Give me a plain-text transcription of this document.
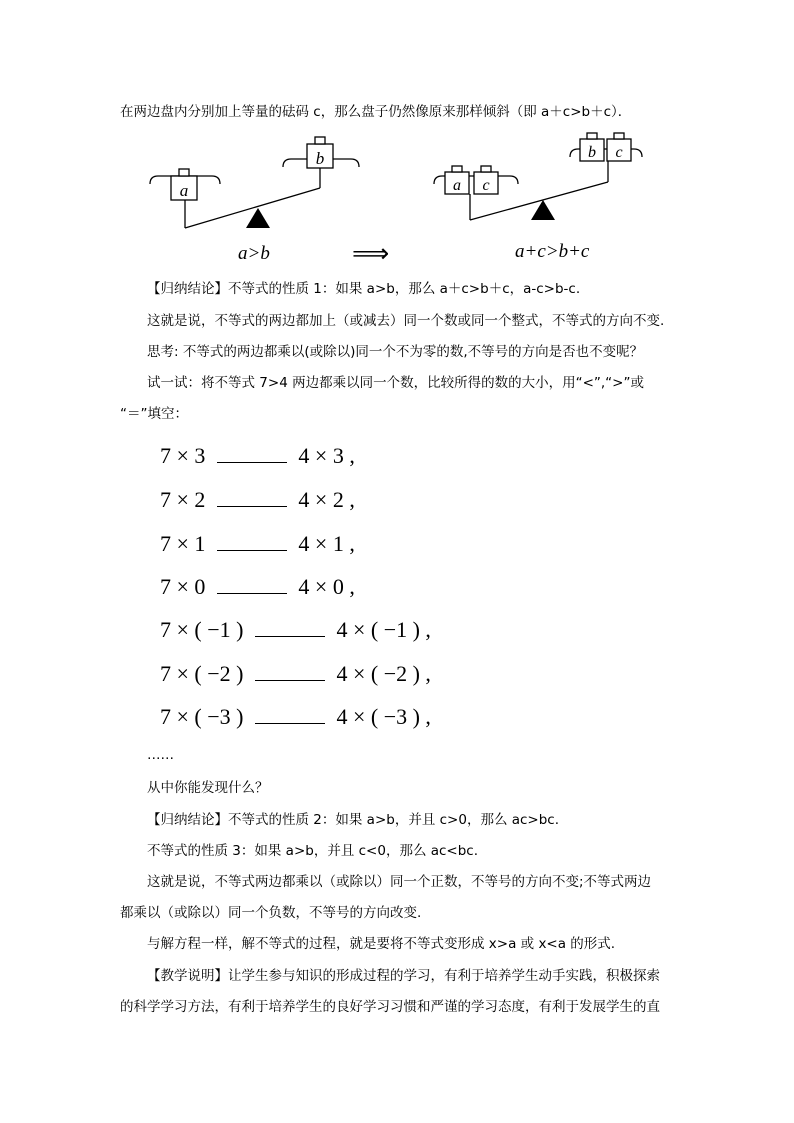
在两边盘内分别加上等量的砝码 c，那么盘子仍然像原来那样倾斜（即 a＋c>b＋c）．
a
b
a c
b c
a>b	⟹	a+c>b+c
【归纳结论】不等式的性质 1：如果 a>b，那么 a＋c>b＋c，a-c>b-c.
这就是说，不等式的两边都加上（或减去）同一个数或同一个整式，不等式的方向不变.
思考: 不等式的两边都乘以(或除以)同一个不为零的数,不等号的方向是否也不变呢？
试一试：将不等式 7>4 两边都乘以同一个数，比较所得的数的大小，用“<”,“>”或
“＝”填空：
7 × 3	4 × 3 ,
7 × 2	4 × 2 ,
7 × 1	4 × 1 ,
7 × 0	4 × 0 ,
7 × ( −1 )	4 × ( −1 ) ,
7 × ( −2 )	4 × ( −2 ) ,
7 × ( −3 )	4 × ( −3 ) ,
……
从中你能发现什么？
【归纳结论】不等式的性质 2：如果 a>b，并且 c>0，那么 ac>bc.
不等式的性质 3：如果 a>b，并且 c<0，那么 ac<bc.
这就是说，不等式两边都乘以（或除以）同一个正数，不等号的方向不变;不等式两边
都乘以（或除以）同一个负数，不等号的方向改变.
与解方程一样，解不等式的过程，就是要将不等式变形成 x>a 或 x<a 的形式.
【教学说明】让学生参与知识的形成过程的学习，有利于培养学生动手实践，积极探索
的科学学习方法，有利于培养学生的良好学习习惯和严谨的学习态度，有利于发展学生的直
